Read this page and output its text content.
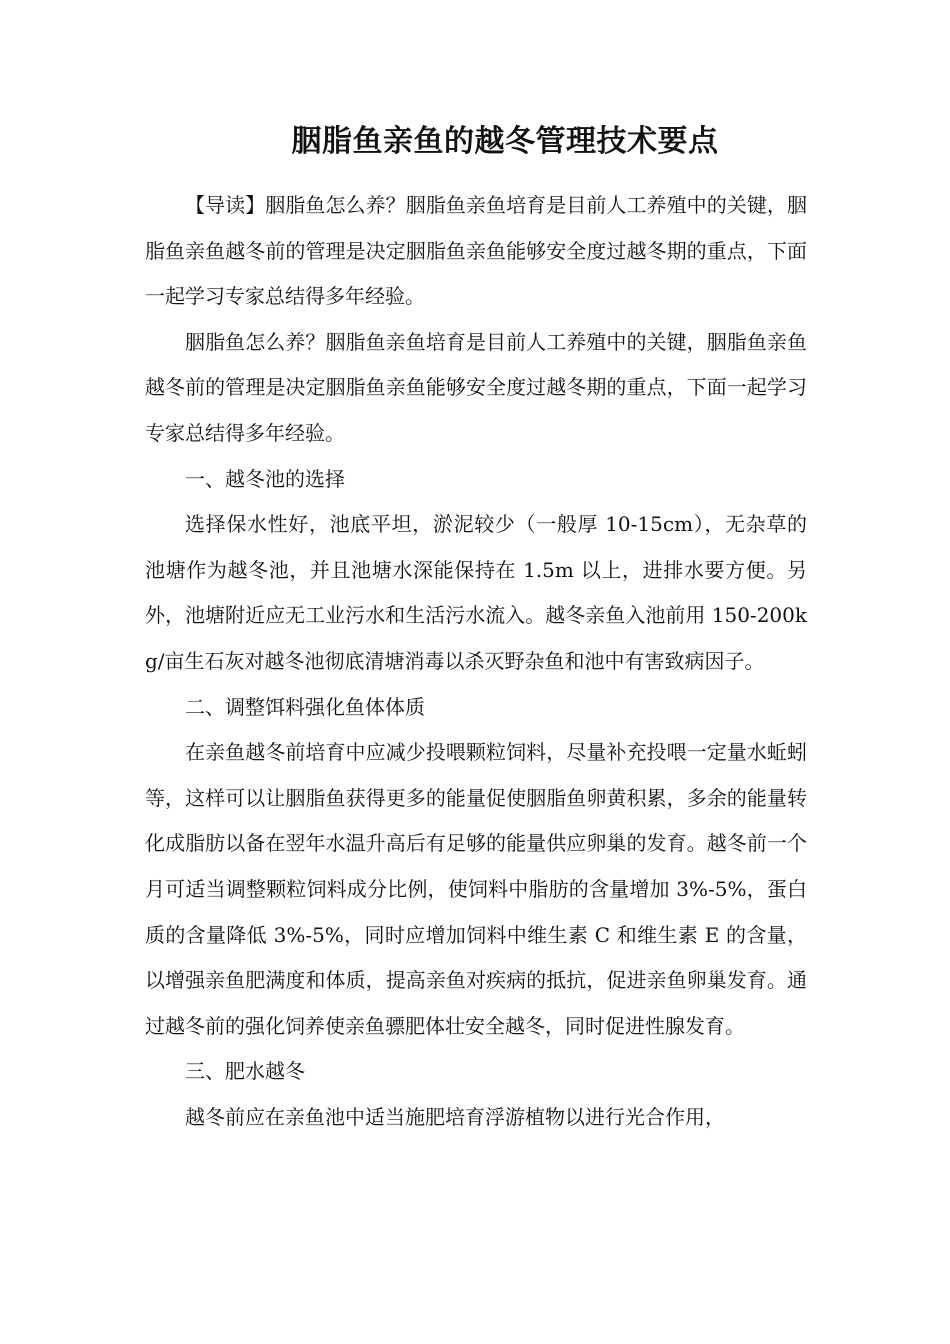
胭脂鱼亲鱼的越冬管理技术要点

【导读】胭脂鱼怎么养？胭脂鱼亲鱼培育是目前人工养殖中的关键，胭脂鱼亲鱼越冬前的管理是决定胭脂鱼亲鱼能够安全度过越冬期的重点，下面一起学习专家总结得多年经验。

胭脂鱼怎么养？胭脂鱼亲鱼培育是目前人工养殖中的关键，胭脂鱼亲鱼越冬前的管理是决定胭脂鱼亲鱼能够安全度过越冬期的重点，下面一起学习专家总结得多年经验。

一、越冬池的选择

选择保水性好，池底平坦，淤泥较少（一般厚 10-15cm），无杂草的池塘作为越冬池，并且池塘水深能保持在 1.5m 以上，进排水要方便。另外，池塘附近应无工业污水和生活污水流入。越冬亲鱼入池前用 150-200kg/亩生石灰对越冬池彻底清塘消毒以杀灭野杂鱼和池中有害致病因子。

二、调整饵料强化鱼体体质

在亲鱼越冬前培育中应减少投喂颗粒饲料，尽量补充投喂一定量水蚯蚓等，这样可以让胭脂鱼获得更多的能量促使胭脂鱼卵黄积累，多余的能量转化成脂肪以备在翌年水温升高后有足够的能量供应卵巢的发育。越冬前一个月可适当调整颗粒饲料成分比例，使饲料中脂肪的含量增加 3%-5%，蛋白质的含量降低 3%-5%，同时应增加饲料中维生素 C 和维生素 E 的含量，以增强亲鱼肥满度和体质，提高亲鱼对疾病的抵抗，促进亲鱼卵巢发育。通过越冬前的强化饲养使亲鱼骠肥体壮安全越冬，同时促进性腺发育。

三、肥水越冬

越冬前应在亲鱼池中适当施肥培育浮游植物以进行光合作用，
